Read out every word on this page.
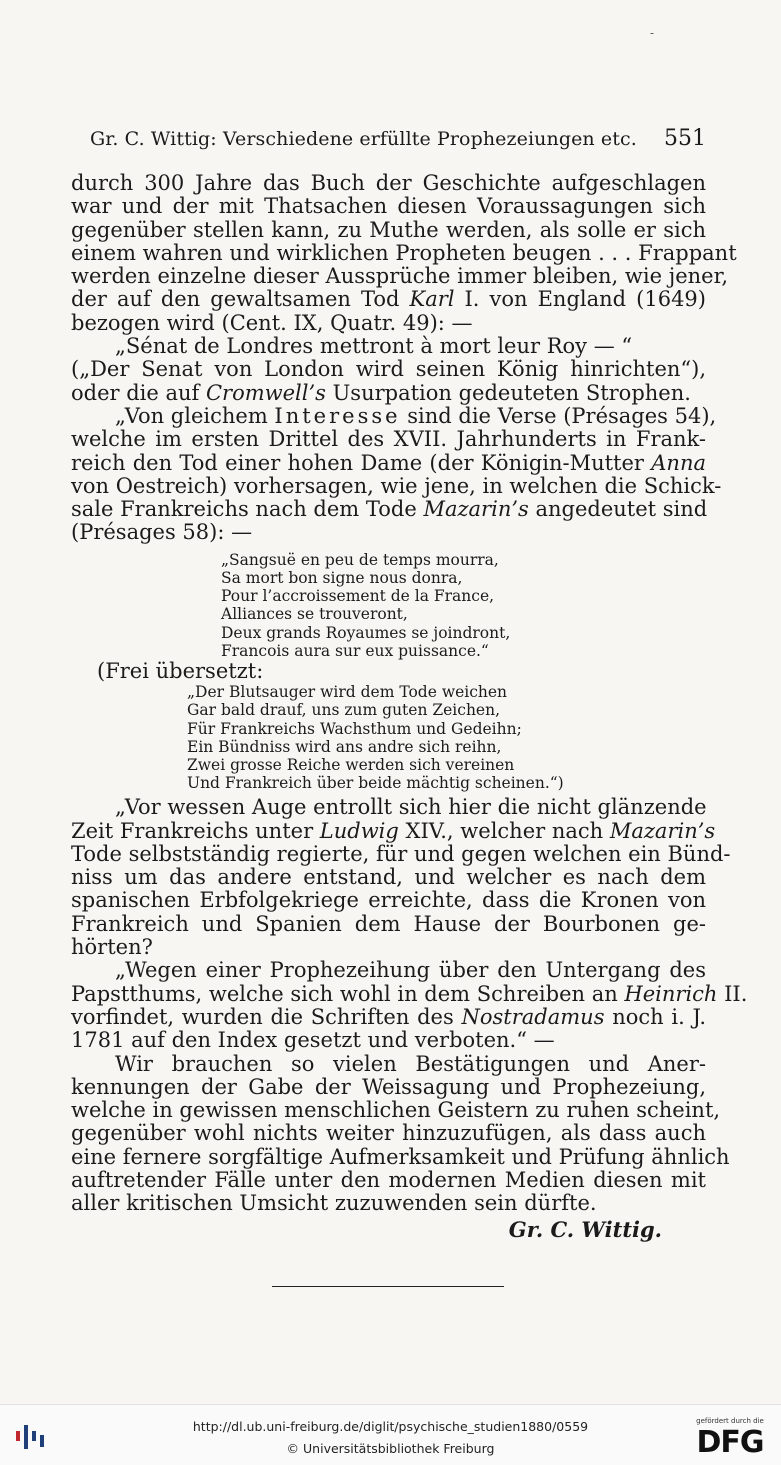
-
Gr. C. Wittig: Verschiedene erfüllte Prophezeiungen etc. 551
durch 300 Jahre das Buch der Geschichte aufgeschlagen
war und der mit Thatsachen diesen Voraussagungen sich
gegenüber stellen kann, zu Muthe werden, als solle er sich
einem wahren und wirklichen Propheten beugen . . . Frappant
werden einzelne dieser Aussprüche immer bleiben, wie jener,
der auf den gewaltsamen Tod Karl I. von England (1649)
bezogen wird (Cent. IX, Quatr. 49): —
„Sénat de Londres mettront à mort leur Roy — “
(„Der Senat von London wird seinen König hinrichten“),
oder die auf Cromwell’s Usurpation gedeuteten Strophen.
„Von gleichem Interesse sind die Verse (Présages 54),
welche im ersten Drittel des XVII. Jahrhunderts in Frank-
reich den Tod einer hohen Dame (der Königin-Mutter Anna
von Oestreich) vorhersagen, wie jene, in welchen die Schick-
sale Frankreichs nach dem Tode Mazarin’s angedeutet sind
(Présages 58): —
„Sangsuë en peu de temps mourra,
Sa mort bon signe nous donra,
Pour l’accroissement de la France,
Alliances se trouveront,
Deux grands Royaumes se joindront,
Francois aura sur eux puissance.“
(Frei übersetzt:
„Der Blutsauger wird dem Tode weichen
Gar bald drauf, uns zum guten Zeichen,
Für Frankreichs Wachsthum und Gedeihn;
Ein Bündniss wird ans andre sich reihn,
Zwei grosse Reiche werden sich vereinen
Und Frankreich über beide mächtig scheinen.“)
„Vor wessen Auge entrollt sich hier die nicht glänzende
Zeit Frankreichs unter Ludwig XIV., welcher nach Mazarin’s
Tode selbstständig regierte, für und gegen welchen ein Bünd-
niss um das andere entstand, und welcher es nach dem
spanischen Erbfolgekriege erreichte, dass die Kronen von
Frankreich und Spanien dem Hause der Bourbonen ge-
hörten?
„Wegen einer Prophezeihung über den Untergang des
Papstthums, welche sich wohl in dem Schreiben an Heinrich II.
vorfindet, wurden die Schriften des Nostradamus noch i. J.
1781 auf den Index gesetzt und verboten.“ —
Wir brauchen so vielen Bestätigungen und Aner-
kennungen der Gabe der Weissagung und Prophezeiung,
welche in gewissen menschlichen Geistern zu ruhen scheint,
gegenüber wohl nichts weiter hinzuzufügen, als dass auch
eine fernere sorgfältige Aufmerksamkeit und Prüfung ähnlich
auftretender Fälle unter den modernen Medien diesen mit
aller kritischen Umsicht zuzuwenden sein dürfte.
Gr. C. Wittig.
http://dl.ub.uni-freiburg.de/diglit/psychische_studien1880/0559
© Universitätsbibliothek Freiburg
gefördert durch die
DFG
